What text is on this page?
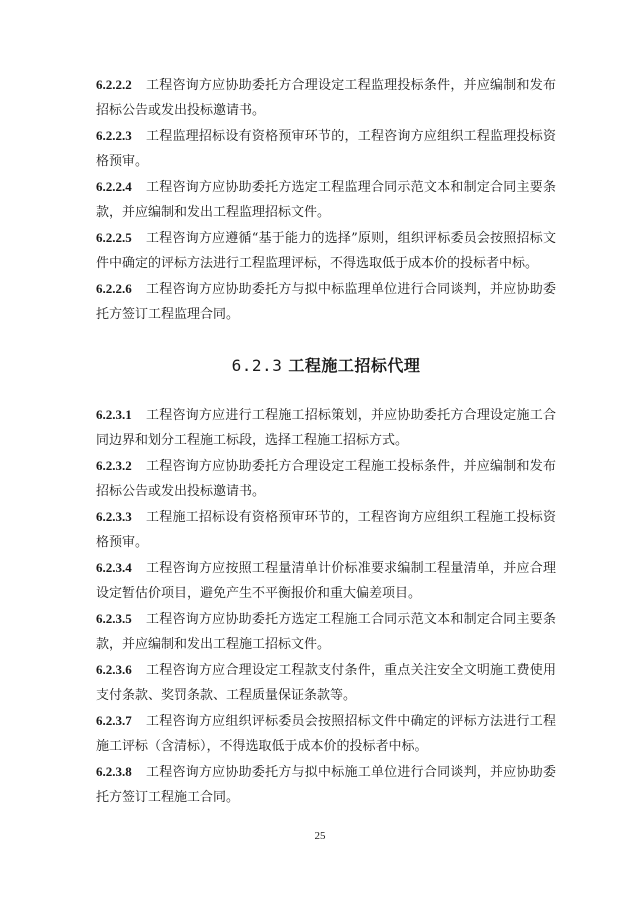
6.2.2.2 工程咨询方应协助委托方合理设定工程监理投标条件，并应编制和发布招标公告或发出投标邀请书。

6.2.2.3 工程监理招标设有资格预审环节的，工程咨询方应组织工程监理投标资格预审。

6.2.2.4 工程咨询方应协助委托方选定工程监理合同示范文本和制定合同主要条款，并应编制和发出工程监理招标文件。

6.2.2.5 工程咨询方应遵循“基于能力的选择”原则，组织评标委员会按照招标文件中确定的评标方法进行工程监理评标，不得选取低于成本价的投标者中标。

6.2.2.6 工程咨询方应协助委托方与拟中标监理单位进行合同谈判，并应协助委托方签订工程监理合同。

6.2.3 工程施工招标代理

6.2.3.1 工程咨询方应进行工程施工招标策划，并应协助委托方合理设定施工合同边界和划分工程施工标段，选择工程施工招标方式。

6.2.3.2 工程咨询方应协助委托方合理设定工程施工投标条件，并应编制和发布招标公告或发出投标邀请书。

6.2.3.3 工程施工招标设有资格预审环节的，工程咨询方应组织工程施工投标资格预审。

6.2.3.4 工程咨询方应按照工程量清单计价标准要求编制工程量清单，并应合理设定暂估价项目，避免产生不平衡报价和重大偏差项目。

6.2.3.5 工程咨询方应协助委托方选定工程施工合同示范文本和制定合同主要条款，并应编制和发出工程施工招标文件。

6.2.3.6 工程咨询方应合理设定工程款支付条件，重点关注安全文明施工费使用支付条款、奖罚条款、工程质量保证条款等。

6.2.3.7 工程咨询方应组织评标委员会按照招标文件中确定的评标方法进行工程施工评标（含清标），不得选取低于成本价的投标者中标。

6.2.3.8 工程咨询方应协助委托方与拟中标施工单位进行合同谈判，并应协助委托方签订工程施工合同。

25
